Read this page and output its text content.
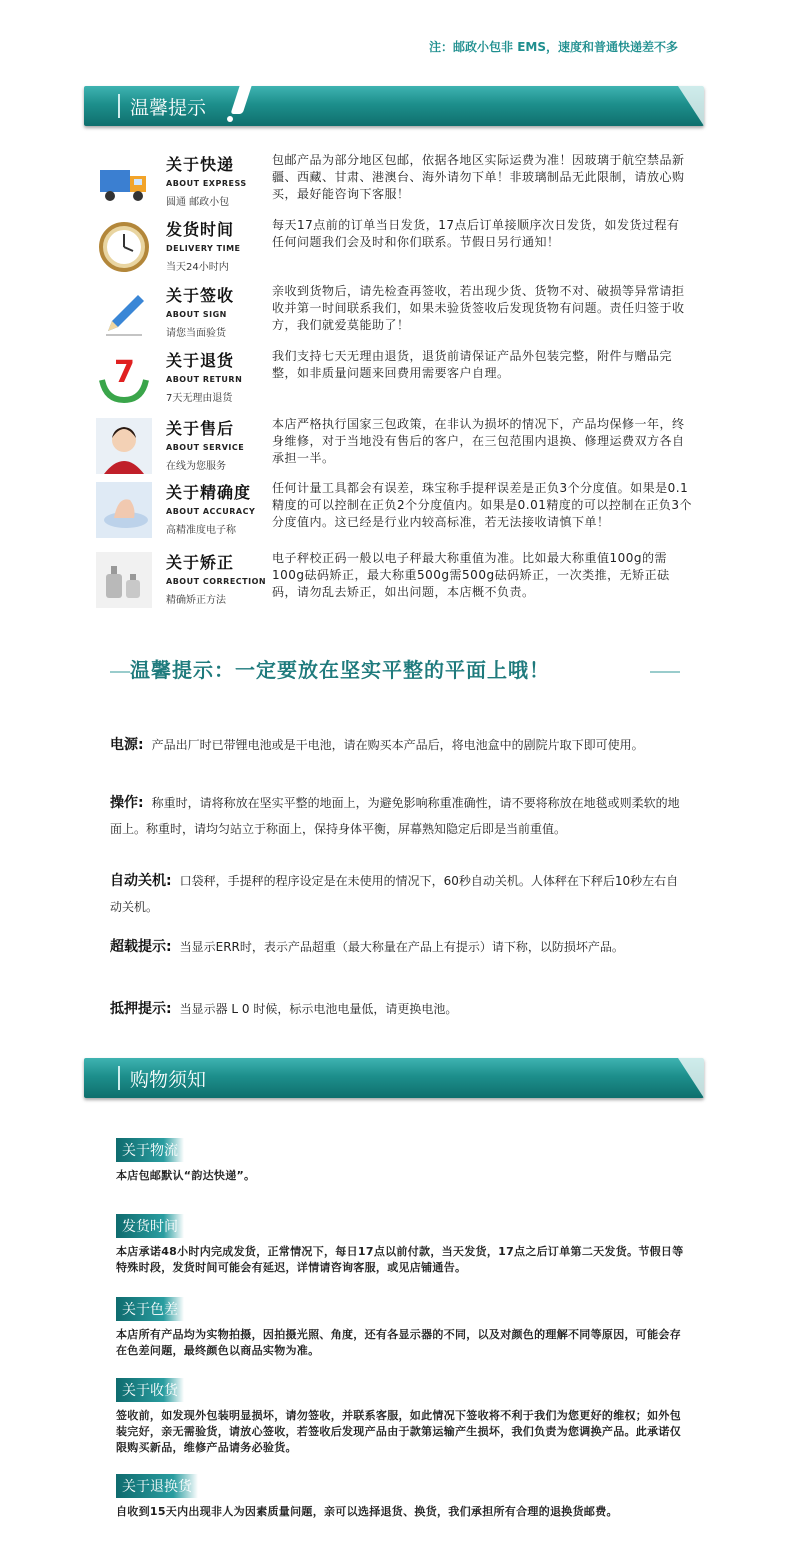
注：邮政小包非 EMS，速度和普通快递差不多
温馨提示
关于快递
ABOUT EXPRESS
圆通 邮政小包
包邮产品为部分地区包邮，依据各地区实际运费为准！因玻璃于航空禁品新疆、西藏、甘肃、港澳台、海外请勿下单！非玻璃制品无此限制，请放心购买，最好能咨询下客服！
发货时间
DELIVERY TIME
当天24小时内
每天17点前的订单当日发货，17点后订单接顺序次日发货，如发货过程有任何问题我们会及时和你们联系。节假日另行通知！
关于签收
ABOUT SIGN
请您当面验货
亲收到货物后，请先检查再签收，若出现少货、货物不对、破损等异常请拒收并第一时间联系我们，如果未验货签收后发现货物有问题。责任归签于收方，我们就爱莫能助了！
7 关于退货
ABOUT RETURN
7天无理由退货
我们支持七天无理由退货，退货前请保证产品外包装完整，附件与赠品完整，如非质量问题来回费用需要客户自理。
关于售后
ABOUT SERVICE
在线为您服务
本店严格执行国家三包政策，在非认为损坏的情况下，产品均保修一年，终身维修，对于当地没有售后的客户，在三包范围内退换、修理运费双方各自承担一半。
关于精确度
ABOUT ACCURACY
高精准度电子称
任何计量工具都会有误差，珠宝称手提秤误差是正负3个分度值。如果是0.1精度的可以控制在正负2个分度值内。如果是0.01精度的可以控制在正负3个分度值内。这已经是行业内较高标准，若无法接收请慎下单！
关于矫正
ABOUT CORRECTION
精确矫正方法
电子秤校正码一般以电子秤最大称重值为准。比如最大称重值100g的需100g砝码矫正，最大称重500g需500g砝码矫正，一次类推，无矫正砝码，请勿乱去矫正，如出问题，本店概不负责。
温馨提示：一定要放在坚实平整的平面上哦！
电源: 产品出厂时已带锂电池或是干电池，请在购买本产品后，将电池盒中的剧院片取下即可使用。
操作: 称重时，请将称放在坚实平整的地面上，为避免影响称重准确性，请不要将称放在地毯或则柔软的地面上。称重时，请均匀站立于称面上，保持身体平衡，屏幕熟知隐定后即是当前重值。
自动关机: 口袋秤，手提秤的程序设定是在未使用的情况下，60秒自动关机。人体秤在下秤后10秒左右自动关机。
超载提示: 当显示ERR时，表示产品超重（最大称量在产品上有提示）请下称，以防损坏产品。
抵押提示: 当显示器 L 0 时候，标示电池电量低，请更换电池。
购物须知
关于物流
本店包邮默认“韵达快递”。
发货时间
本店承诺48小时内完成发货，正常情况下，每日17点以前付款，当天发货，17点之后订单第二天发货。节假日等特殊时段，发货时间可能会有延迟，详情请咨询客服，或见店铺通告。
关于色差
本店所有产品均为实物拍摄，因拍摄光照、角度，还有各显示器的不同，以及对颜色的理解不同等原因，可能会存在色差问题，最终颜色以商品实物为准。
关于收货
签收前，如发现外包装明显损坏，请勿签收，并联系客服，如此情况下签收将不利于我们为您更好的维权；如外包装完好，亲无需验货，请放心签收，若签收后发现产品由于款第运输产生损坏，我们负责为您调换产品。此承诺仅限购买新品，维修产品请务必验货。
关于退换货
自收到15天内出现非人为因素质量问题，亲可以选择退货、换货，我们承担所有合理的退换货邮费。
